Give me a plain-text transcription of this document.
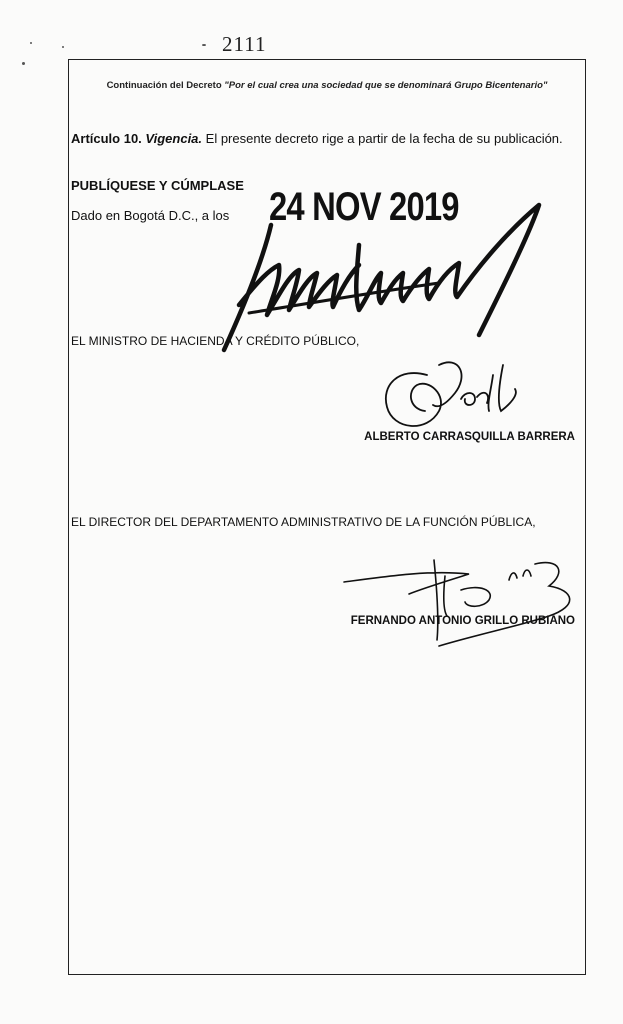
2111
Continuación del Decreto "Por el cual crea una sociedad que se denominará Grupo Bicentenario"
Artículo 10. Vigencia. El presente decreto rige a partir de la fecha de su publicación.
PUBLÍQUESE Y CÚMPLASE
Dado en Bogotá D.C., a los 24 NOV 2019
EL MINISTRO DE HACIENDA Y CRÉDITO PÚBLICO,
ALBERTO CARRASQUILLA BARRERA
EL DIRECTOR DEL DEPARTAMENTO ADMINISTRATIVO DE LA FUNCIÓN PÚBLICA,
FERNANDO ANTONIO GRILLO RUBIANO
